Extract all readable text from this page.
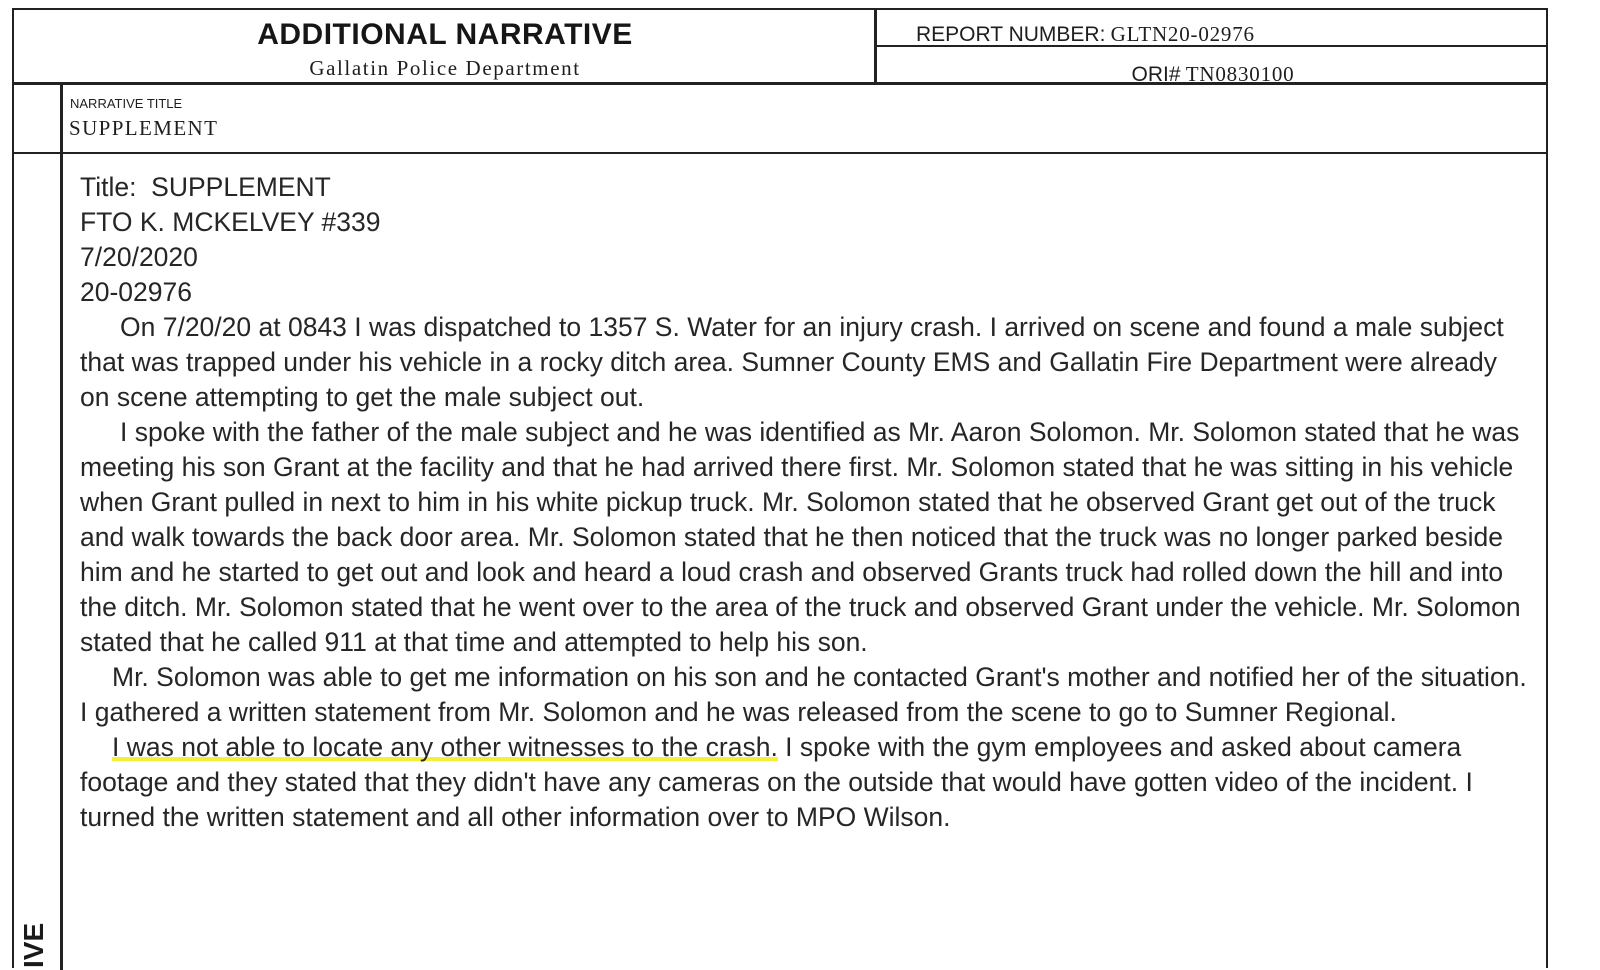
ADDITIONAL NARRATIVE
Gallatin Police Department
REPORT NUMBER: GLTN20-02976
ORI# TN0830100
NARRATIVE TITLE
SUPPLEMENT
IVE
Title:  SUPPLEMENT
FTO K. MCKELVEY #339
7/20/2020
20-02976
On 7/20/20 at 0843 I was dispatched to 1357 S. Water for an injury crash. I arrived on scene and found a male subject that was trapped under his vehicle in a rocky ditch area. Sumner County EMS and Gallatin Fire Department were already on scene attempting to get the male subject out.
I spoke with the father of the male subject and he was identified as Mr. Aaron Solomon. Mr. Solomon stated that he was meeting his son Grant at the facility and that he had arrived there first. Mr. Solomon stated that he was sitting in his vehicle when Grant pulled in next to him in his white pickup truck. Mr. Solomon stated that he observed Grant get out of the truck and walk towards the back door area. Mr. Solomon stated that he then noticed that the truck was no longer parked beside him and he started to get out and look and heard a loud crash and observed Grants truck had rolled down the hill and into the ditch. Mr. Solomon stated that he went over to the area of the truck and observed Grant under the vehicle. Mr. Solomon stated that he called 911 at that time and attempted to help his son.
Mr. Solomon was able to get me information on his son and he contacted Grant's mother and notified her of the situation. I gathered a written statement from Mr. Solomon and he was released from the scene to go to Sumner Regional.
I was not able to locate any other witnesses to the crash. I spoke with the gym employees and asked about camera footage and they stated that they didn't have any cameras on the outside that would have gotten video of the incident. I turned the written statement and all other information over to MPO Wilson.
